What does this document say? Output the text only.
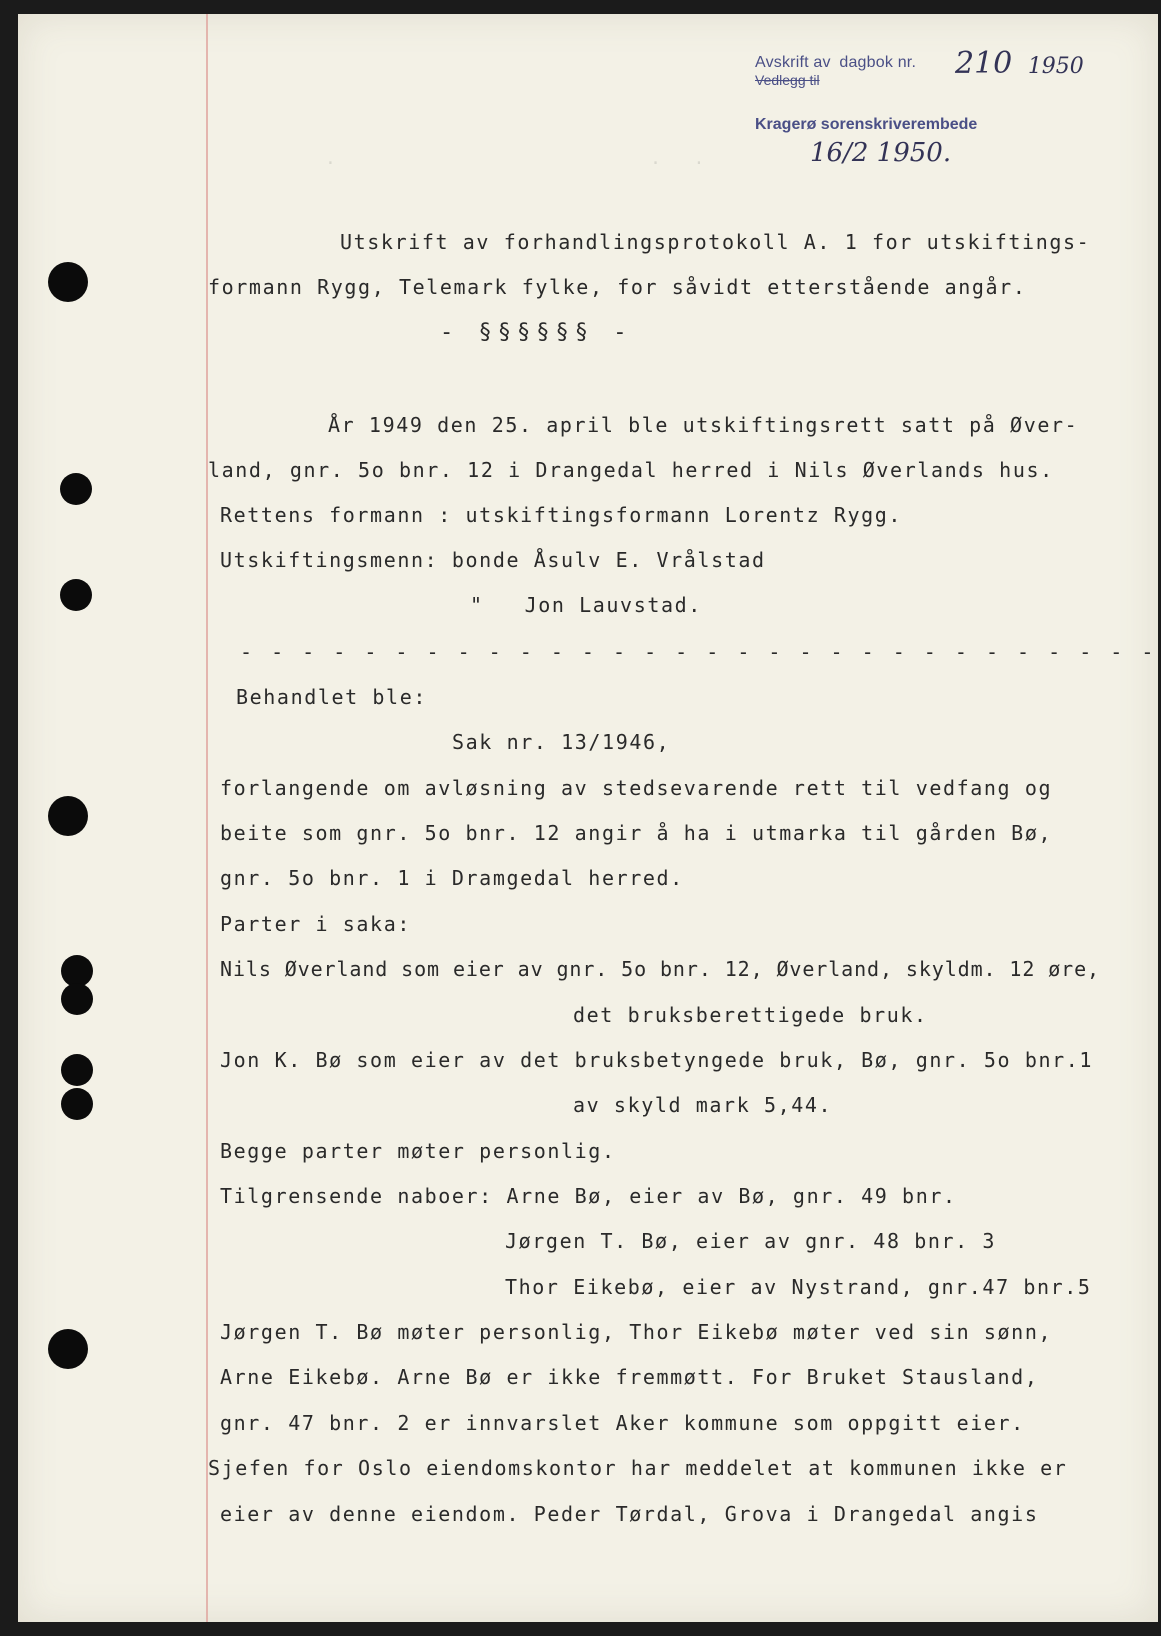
Avskrift av dagbok nr.
Vedlegg til	210 1950
Kragerø sorenskriverembede
16/2 1950.
.                             .   .
Utskrift av forhandlingsprotokoll A. 1 for utskiftings-
formann Rygg, Telemark fylke, for såvidt etterstående angår.
- §§§§§§ -
År 1949 den 25. april ble utskiftingsrett satt på Øver-
land, gnr. 5o bnr. 12 i Drangedal herred i Nils Øverlands hus.
Rettens formann : utskiftingsformann Lorentz Rygg.
Utskiftingsmenn: bonde Åsulv E. Vrålstad
"   Jon Lauvstad.
- - - - - - - - - - - - - - - - - - - - - - - - - - - - - -
Behandlet ble:
Sak nr. 13/1946,
forlangende om avløsning av stedsevarende rett til vedfang og
beite som gnr. 5o bnr. 12 angir å ha i utmarka til gården Bø,
gnr. 5o bnr. 1 i Dramgedal herred.
Parter i saka:
Nils Øverland som eier av gnr. 5o bnr. 12, Øverland, skyldm. 12 øre,
det bruksberettigede bruk.
Jon K. Bø som eier av det bruksbetyngede bruk, Bø, gnr. 5o bnr.1
av skyld mark 5,44.
Begge parter møter personlig.
Tilgrensende naboer: Arne Bø, eier av Bø, gnr. 49 bnr.
Jørgen T. Bø, eier av gnr. 48 bnr. 3
Thor Eikebø, eier av Nystrand, gnr.47 bnr.5
Jørgen T. Bø møter personlig, Thor Eikebø møter ved sin sønn,
Arne Eikebø. Arne Bø er ikke fremmøtt. For Bruket Stausland,
gnr. 47 bnr. 2 er innvarslet Aker kommune som oppgitt eier.
Sjefen for Oslo eiendomskontor har meddelet at kommunen ikke er
eier av denne eiendom. Peder Tørdal, Grova i Drangedal angis
